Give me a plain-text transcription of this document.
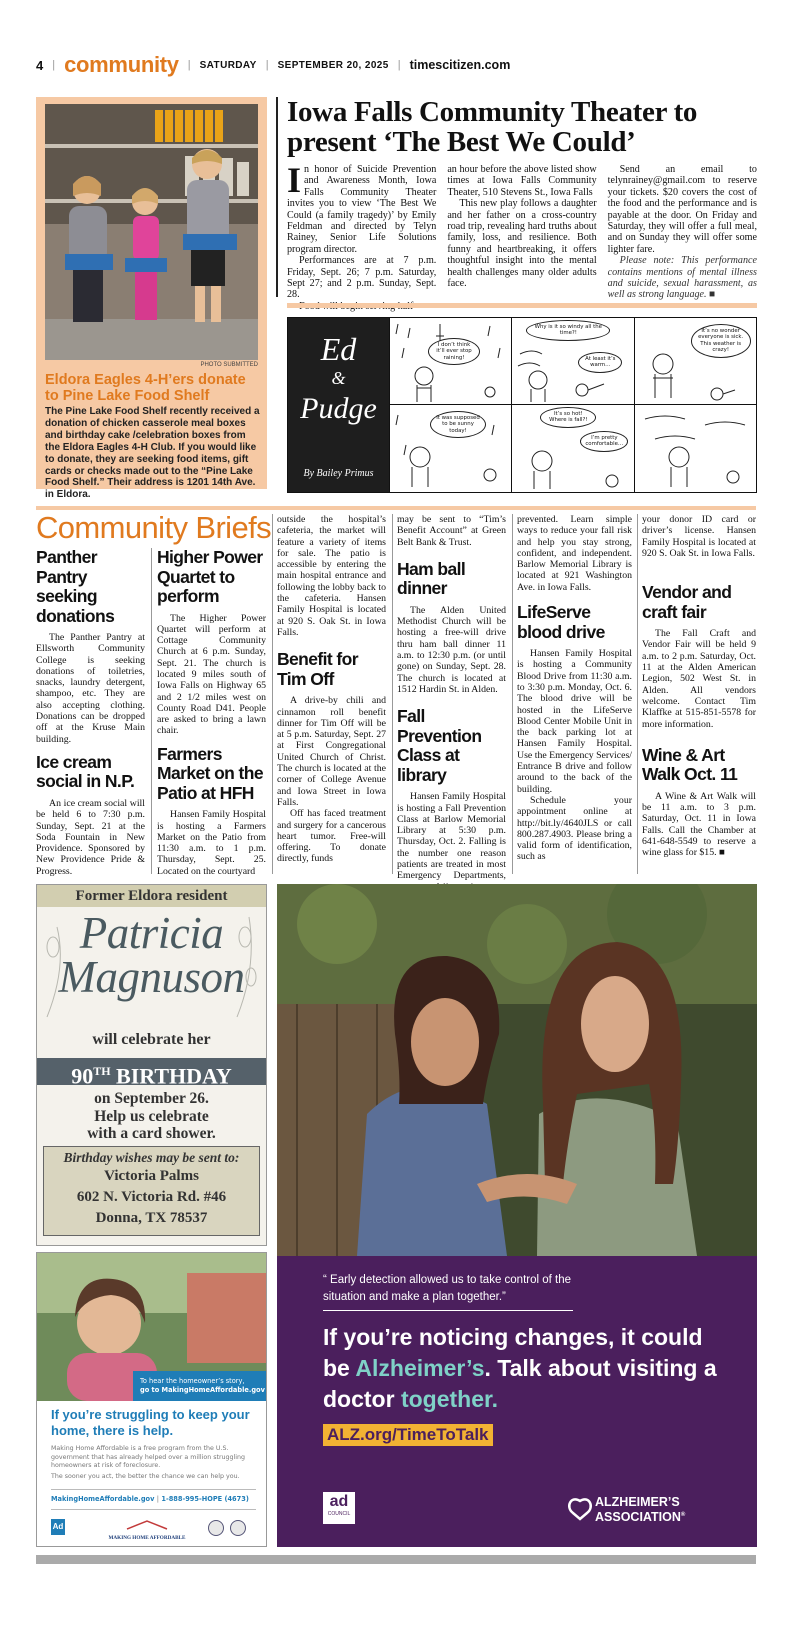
4 | community | SATURDAY | SEPTEMBER 20, 2025 | timescitizen.com
PHOTO SUBMITTED
Eldora Eagles 4-H’ers donate to Pine Lake Food Shelf
The Pine Lake Food Shelf recently received a donation of chicken casserole meal boxes and birthday cake /celebration boxes from the Eldora Eagles 4-H Club. If you would like to donate, they are seeking food items, gift cards or checks made out to the “Pine Lake Food Shelf.” Their address is 1201 14th Ave. in Eldora.
Iowa Falls Community Theater to present ‘The Best We Could’
I n honor of Suicide Prevention and Awareness Month, Iowa Falls Community Theater invites you to view ‘The Best We Could (a family tragedy)’ by Emily Feldman and directed by Telyn Rainey, Senior Life Solutions program director.

Performances are at 7 p.m. Friday, Sept. 26; 7 p.m. Saturday, Sept 27; and 2 p.m. Sunday, Sept. 28.

an hour before the above listed show times at Iowa Falls Community Theater, 510 Stevens St., Iowa Falls

This new play follows a daughter and her father on a cross-country road trip, revealing hard truths about family, loss, and resilience. Both funny and heartbreaking, it offers thoughtful insight into the mental health challenges many older adults face.

Send an email to telynrainey@gmail.com to reserve your tickets. $20 covers the cost of the food and the performance and is payable at the door. On Friday and Saturday, they will offer a full meal, and on Sunday they will offer some lighter fare.

Please note: This performance contains mentions of mental illness and suicide, sexual harassment, as well as strong language. ■

Ed
&
Pudge
By Bailey Primus
I don’t think it’ll ever stop raining!
Why is it so windy all the time?!
At least it’s warm…
It’s no wonder everyone is sick. This weather is crazy!
It was supposed to be sunny today!
It’s so hot! Where is fall?!
I’m pretty comfortable…
Community Briefs
Panther Pantry seeking donations

The Panther Pantry at Ellsworth Community College is seeking donations of toiletries, snacks, laundry detergent, shampoo, etc. They are also accepting clothing. Donations can be dropped off at the Kruse Main building.

Ice cream social in N.P.

An ice cream social will be held 6 to 7:30 p.m. Sunday, Sept. 21 at the Soda Fountain in New Providence. Sponsored by New Providence Pride & Progress.

Higher Power Quartet to perform

The Higher Power Quartet will perform at Cottage Community Church at 6 p.m. Sunday, Sept. 21. The church is located 9 miles south of Iowa Falls on Highway 65 and 2 1/2 miles west on County Road D41. People are asked to bring a lawn chair.

Farmers Market on the Patio at HFH

Hansen Family Hospital is hosting a Farmers Market on the Patio from 11:30 a.m. to 1 p.m. Thursday, Sept. 25. Located on the courtyard

outside the hospital’s cafeteria, the market will feature a variety of items for sale. The patio is accessible by entering the main hospital entrance and following the lobby back to the cafeteria. Hansen Family Hospital is located at 920 S. Oak St. in Iowa Falls.
Benefit for Tim Off

A drive-by chili and cinnamon roll benefit dinner for Tim Off will be at 5 p.m. Saturday, Sept. 27 at First Congregational United Church of Christ. The church is located at the corner of College Avenue and Iowa Street in Iowa Falls.

Off has faced treatment and surgery for a cancerous heart tumor. Free-will offering. To donate directly, funds

may be sent to “Tim’s Benefit Account” at Green Belt Bank & Trust.
Ham ball dinner

The Alden United Methodist Church will be hosting a free-will drive thru ham ball dinner 11 a.m. to 12:30 p.m. (or until gone) on Sunday, Sept. 28. The church is located at 1512 Hardin St. in Alden.

Fall Prevention Class at library

Hansen Family Hospital is hosting a Fall Prevention Class at Barlow Memorial Library at 5:30 p.m. Thursday, Oct. 2. Falling is the number one reason patients are treated in most Emergency Departments,

prevented. Learn simple ways to reduce your fall risk and help you stay strong, confident, and independent. Barlow Memorial Library is located at 921 Washington Ave. in Iowa Falls.
LifeServe blood drive

Hansen Family Hospital is hosting a Community Blood Drive from 11:30 a.m. to 3:30 p.m. Monday, Oct. 6. The blood drive will be hosted in the LifeServe Blood Center Mobile Unit in the back parking lot at Hansen Family Hospital. Use the Emergency Services/ Entrance B drive and follow around to the back of the building.

Schedule your appointment online at http://bit.ly/4640JLS or call 800.287.4903. Please bring a valid form of identification, such as

your donor ID card or driver’s license. Hansen Family Hospital is located at 920 S. Oak St. in Iowa Falls.
Vendor and craft fair

The Fall Craft and Vendor Fair will be held 9 a.m. to 2 p.m. Saturday, Oct. 11 at the Alden American Legion, 502 West St. in Alden. All vendors welcome. Contact Tim Klaffke at 515-851-5578 for more information.

Wine & Art Walk Oct. 11

A Wine & Art Walk will be 11 a.m. to 3 p.m. Saturday, Oct. 11 in Iowa Falls. Call the Chamber at 641-648-5549 to reserve a wine glass for $15. ■

Former Eldora resident
Patricia
Magnuson
will celebrate her
90TH BIRTHDAY
on September 26.
Help us celebrate
with a card shower.
Birthday wishes may be sent to:
Victoria Palms
602 N. Victoria Rd. #46
Donna, TX 78537
To hear the homeowner’s story,
go to MakingHomeAffordable.gov
If you’re struggling to keep your home, there is help.
Making Home Affordable is a free program from the U.S. government that has already helped over a million struggling homeowners at risk of foreclosure.
The sooner you act, the better the chance we can help you.
MakingHomeAffordable.gov | 1-888-995-HOPE (4673)
Ad
MAKING HOME AFFORDABLE
“ Early detection allowed us to take control of the situation and make a plan together.”
If you’re noticing changes, it could be Alzheimer’s. Talk about visiting a doctor together.
ALZ.org/TimeToTalk
ad
COUNCIL
ALZHEIMER’S
ASSOCIATION®
